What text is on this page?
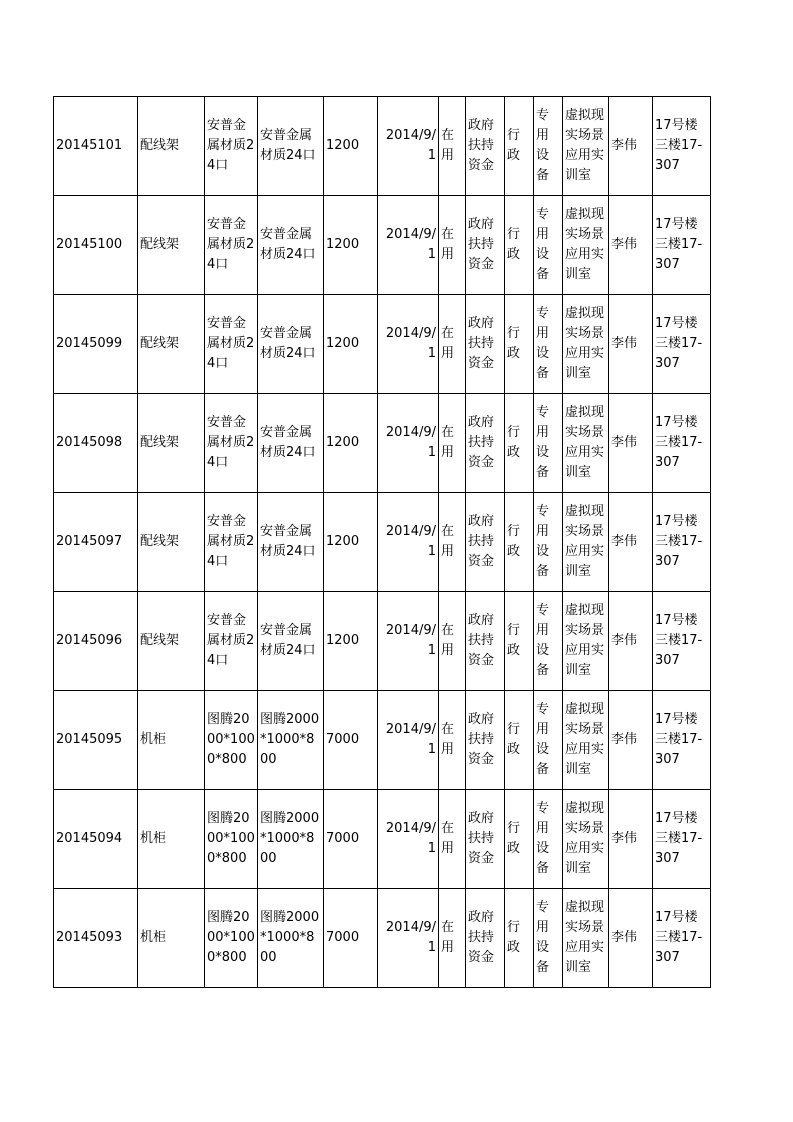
20145101	配线架	安普金属材质24口	安普金属材质24口	1200	2014/9/1	在用	政府扶持资金	行政	专用设备	虚拟现实场景应用实训室	李伟	17号楼三楼17-307
20145100	配线架	安普金属材质24口	安普金属材质24口	1200	2014/9/1	在用	政府扶持资金	行政	专用设备	虚拟现实场景应用实训室	李伟	17号楼三楼17-307
20145099	配线架	安普金属材质24口	安普金属材质24口	1200	2014/9/1	在用	政府扶持资金	行政	专用设备	虚拟现实场景应用实训室	李伟	17号楼三楼17-307
20145098	配线架	安普金属材质24口	安普金属材质24口	1200	2014/9/1	在用	政府扶持资金	行政	专用设备	虚拟现实场景应用实训室	李伟	17号楼三楼17-307
20145097	配线架	安普金属材质24口	安普金属材质24口	1200	2014/9/1	在用	政府扶持资金	行政	专用设备	虚拟现实场景应用实训室	李伟	17号楼三楼17-307
20145096	配线架	安普金属材质24口	安普金属材质24口	1200	2014/9/1	在用	政府扶持资金	行政	专用设备	虚拟现实场景应用实训室	李伟	17号楼三楼17-307
20145095	机柜	图腾2000*1000*800	图腾2000*1000*800	7000	2014/9/1	在用	政府扶持资金	行政	专用设备	虚拟现实场景应用实训室	李伟	17号楼三楼17-307
20145094	机柜	图腾2000*1000*800	图腾2000*1000*800	7000	2014/9/1	在用	政府扶持资金	行政	专用设备	虚拟现实场景应用实训室	李伟	17号楼三楼17-307
20145093	机柜	图腾2000*1000*800	图腾2000*1000*800	7000	2014/9/1	在用	政府扶持资金	行政	专用设备	虚拟现实场景应用实训室	李伟	17号楼三楼17-307
